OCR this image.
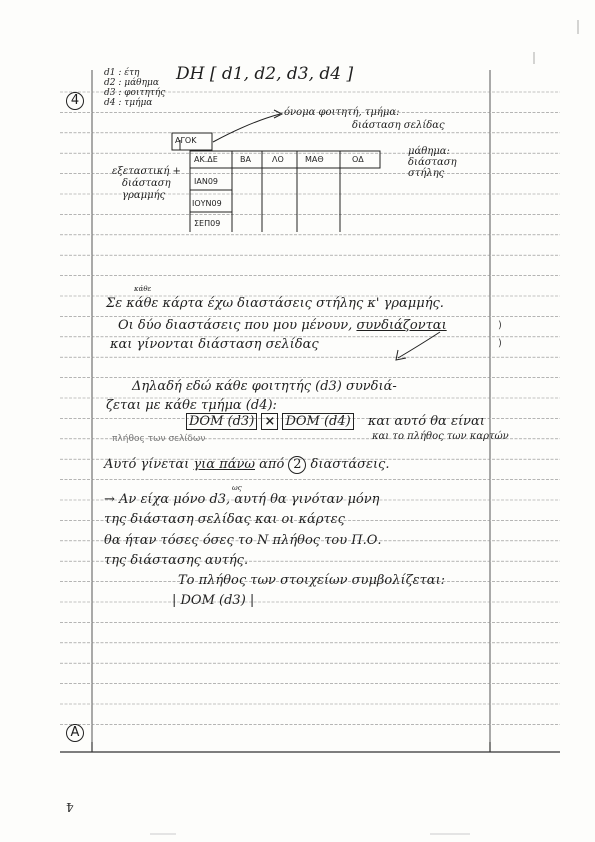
4
d1 : έτη
d2 : μάθημα
d3 : φοιτητής
d4 : τμήμα
DH [ d1, d2, d3, d4 ]
όνομα φοιτητή, τμήμα:
διάσταση σελίδας
AΓΟΚ
ΑΚ.ΔΕ	ΒΑ	ΛΟ	ΜΑΘ	ΟΔ
ΙΑΝ09
ΙΟΥΝ09
ΣΕΠ09
εξεταστική +
διάσταση
γραμμής
μάθημα:
διάσταση
στήλης
Σε κάθε κάρτα έχω διαστάσεις στήλης κ' γραμμής.
κάθε
Οι δύο διαστάσεις που μου μένουν, συνδιάζονται
και γίνονται διάσταση σελίδας
Δηλαδή εδώ κάθε φοιτητής (d3) συνδιά-
ζεται με κάθε τμήμα (d4):
DOM (d3) × DOM (d4) και αυτό θα είναι
πλήθος των σελίδων	και το πλήθος των καρτών
Αυτό γίνεται για πάνω από 2 διαστάσεις.
→ Αν είχα μόνο d3, αυτή θα γινόταν μόνη
ως
της διάσταση σελίδας και οι κάρτες
θα ήταν τόσες όσες το N πλήθος του Π.Ο.
της διάστασης αυτής.
Το πλήθος των στοιχείων συμβολίζεται:
| DOM (d3) |
)
)
A
4
